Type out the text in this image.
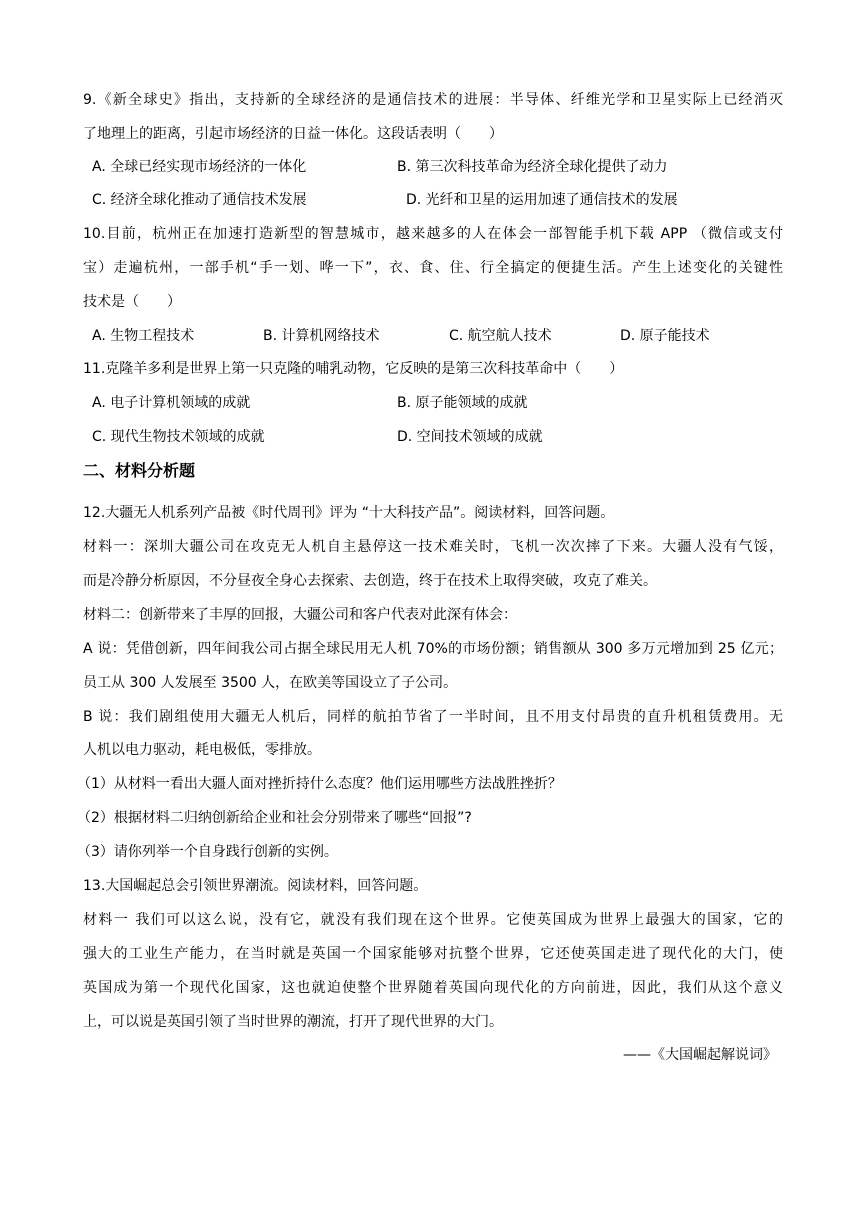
9.《新全球史》指出，支持新的全球经济的是通信技术的进展：半导体、纤维光学和卫星实际上已经消灭
了地理上的距离，引起市场经济的日益一体化。这段话表明（　　）
A. 全球已经实现市场经济的一体化	B. 第三次科技革命为经济全球化提供了动力
C. 经济全球化推动了通信技术发展	D. 光纤和卫星的运用加速了通信技术的发展
10.目前，杭州正在加速打造新型的智慧城市，越来越多的人在体会一部智能手机下载 APP （微信或支付
宝）走遍杭州，一部手机“手一划、哗一下”，衣、食、住、行全搞定的便捷生活。产生上述变化的关键性
技术是（　　）
A. 生物工程技术	B. 计算机网络技术	C. 航空航人技术	D. 原子能技术
11.克隆羊多利是世界上第一只克隆的哺乳动物，它反映的是第三次科技革命中（　　）
A. 电子计算机领域的成就	B. 原子能领域的成就
C. 现代生物技术领域的成就	D. 空间技术领域的成就
二、材料分析题
12.大疆无人机系列产品被《时代周刊》评为 “十大科技产品”。阅读材料，回答问题。
材料一：深圳大疆公司在攻克无人机自主悬停这一技术难关时，飞机一次次摔了下来。大疆人没有气馁，
而是冷静分析原因，不分昼夜全身心去探索、去创造，终于在技术上取得突破，攻克了难关。
材料二：创新带来了丰厚的回报，大疆公司和客户代表对此深有体会：
A 说：凭借创新，四年间我公司占据全球民用无人机 70%的市场份额；销售额从 300 多万元增加到 25 亿元；
员工从 300 人发展至 3500 人，在欧美等国设立了子公司。
B 说：我们剧组使用大疆无人机后，同样的航拍节省了一半时间，且不用支付昂贵的直升机租赁费用。无
人机以电力驱动，耗电极低，零排放。
（1）从材料一看出大疆人面对挫折持什么态度？他们运用哪些方法战胜挫折？
（2）根据材料二归纳创新给企业和社会分别带来了哪些“回报”?
（3）请你列举一个自身践行创新的实例。
13.大国崛起总会引领世界潮流。阅读材料，回答问题。
材料一 我们可以这么说，没有它，就没有我们现在这个世界。它使英国成为世界上最强大的国家，它的
强大的工业生产能力，在当时就是英国一个国家能够对抗整个世界，它还使英国走进了现代化的大门，使
英国成为第一个现代化国家，这也就迫使整个世界随着英国向现代化的方向前进，因此，我们从这个意义
上，可以说是英国引领了当时世界的潮流，打开了现代世界的大门。
——《大国崛起解说词》
